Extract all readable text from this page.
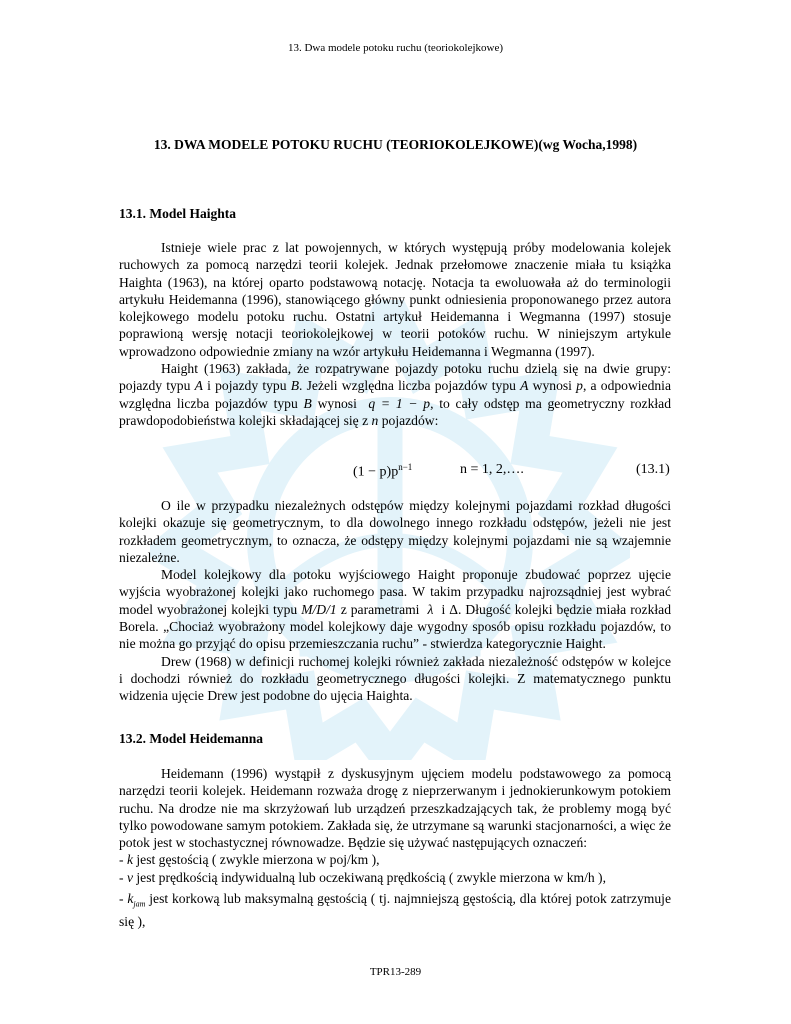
13. Dwa modele potoku ruchu (teoriokolejkowe)
13. DWA MODELE POTOKU RUCHU (TEORIOKOLEJKOWE)(wg Wocha,1998)
13.1. Model Haighta

Istnieje wiele prac z lat powojennych, w których występują próby modelowania kolejek ruchowych za pomocą narzędzi teorii kolejek. Jednak przełomowe znaczenie miała tu książka Haighta (1963), na której oparto podstawową notację. Notacja ta ewoluowała aż do terminologii artykułu Heidemanna (1996), stanowiącego główny punkt odniesienia proponowanego przez autora kolejkowego modelu potoku ruchu. Ostatni artykuł Heidemanna i Wegmanna (1997) stosuje poprawioną wersję notacji teoriokolejkowej w teorii potoków ruchu. W niniejszym artykule wprowadzono odpowiednie zmiany na wzór artykułu Heidemanna i Wegmanna (1997).

Haight (1963) zakłada, że rozpatrywane pojazdy potoku ruchu dzielą się na dwie grupy: pojazdy typu A i pojazdy typu B. Jeżeli względna liczba pojazdów typu A wynosi p, a odpowiednia względna liczba pojazdów typu B wynosi  q = 1 − p, to cały odstęp ma geometryczny rozkład prawdopodobieństwa kolejki składającej się z n pojazdów:

$(1 - p)p^{n-1}$	n = 1, 2,….	(13.1)

O ile w przypadku niezależnych odstępów między kolejnymi pojazdami rozkład długości kolejki okazuje się geometrycznym, to dla dowolnego innego rozkładu odstępów, jeżeli nie jest rozkładem geometrycznym, to oznacza, że odstępy między kolejnymi pojazdami nie są wzajemnie niezależne.

Model kolejkowy dla potoku wyjściowego Haight proponuje zbudować poprzez ujęcie wyjścia wyobrażonej kolejki jako ruchomego pasa. W takim przypadku najrozsądniej jest wybrać model wyobrażonej kolejki typu M/D/1 z parametrami  λ  i Δ. Długość kolejki będzie miała rozkład Borela. „Chociaż wyobrażony model kolejkowy daje wygodny sposób opisu rozkładu pojazdów, to nie można go przyjąć do opisu przemieszczania ruchu” - stwierdza kategorycznie Haight.

Drew (1968) w definicji ruchomej kolejki również zakłada niezależność odstępów w kolejce i dochodzi również do rozkładu geometrycznego długości kolejki. Z matematycznego punktu widzenia ujęcie Drew jest podobne do ujęcia Haighta.

13.2. Model Heidemanna

Heidemann (1996) wystąpił z dyskusyjnym ujęciem modelu podstawowego za pomocą narzędzi teorii kolejek. Heidemann rozważa drogę z nieprzerwanym i jednokierunkowym potokiem ruchu. Na drodze nie ma skrzyżowań lub urządzeń przeszkadzających tak, że problemy mogą być tylko powodowane samym potokiem. Zakłada się, że utrzymane są warunki stacjonarności, a więc że potok jest w stochastycznej równowadze. Będzie się używać następujących oznaczeń:

- k jest gęstością ( zwykle mierzona w poj/km ),

- v jest prędkością indywidualną lub oczekiwaną prędkością ( zwykle mierzona w km/h ),

- $k_{jam}$ jest korkową lub maksymalną gęstością ( tj. najmniejszą gęstością, dla której potok zatrzymuje się ),

TPR13-289
